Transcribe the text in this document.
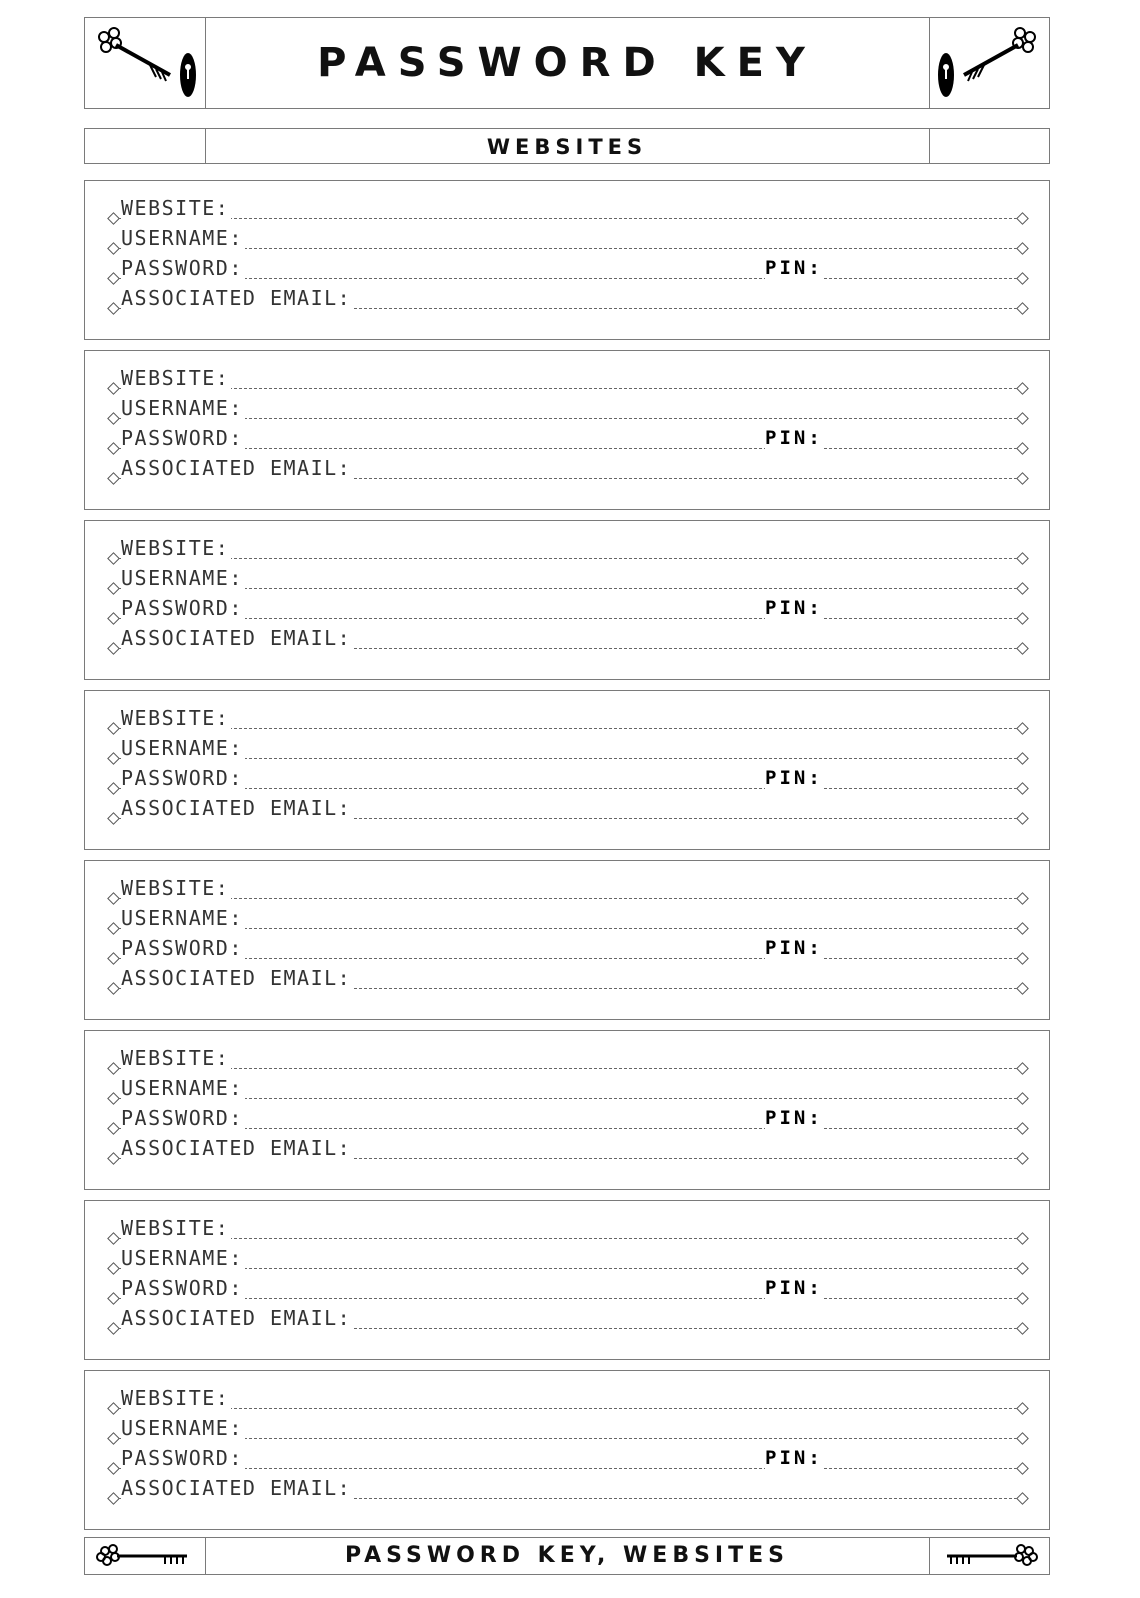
PASSWORD KEY
WEBSITES
WEBSITE:
USERNAME:
PASSWORD:
ASSOCIATED EMAIL:
PIN:
WEBSITE:
USERNAME:
PASSWORD:
ASSOCIATED EMAIL:
PIN:
WEBSITE:
USERNAME:
PASSWORD:
ASSOCIATED EMAIL:
PIN:
WEBSITE:
USERNAME:
PASSWORD:
ASSOCIATED EMAIL:
PIN:
WEBSITE:
USERNAME:
PASSWORD:
ASSOCIATED EMAIL:
PIN:
WEBSITE:
USERNAME:
PASSWORD:
ASSOCIATED EMAIL:
PIN:
WEBSITE:
USERNAME:
PASSWORD:
ASSOCIATED EMAIL:
PIN:
WEBSITE:
USERNAME:
PASSWORD:
ASSOCIATED EMAIL:
PIN:
PASSWORD KEY, WEBSITES
